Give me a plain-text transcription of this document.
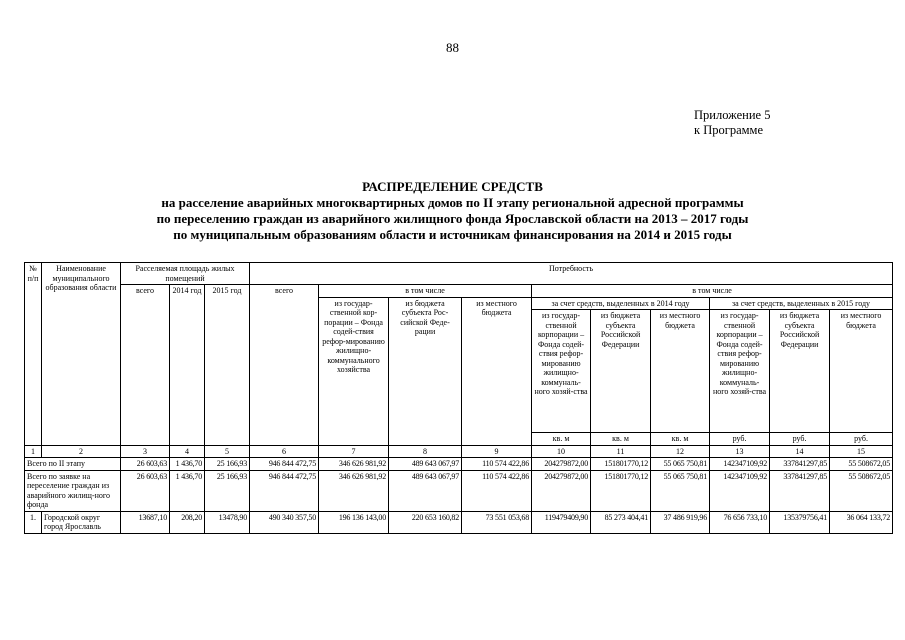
88
Приложение 5
к Программе
РАСПРЕДЕЛЕНИЕ СРЕДСТВ
на расселение аварийных многоквартирных домов по II этапу региональной адресной программы
по переселению граждан из аварийного жилищного фонда Ярославской области на 2013 – 2017 годы
по муниципальным образованиям области и источникам финансирования на 2014 и 2015 годы
№ п/п	Наименование муниципального образования области	Расселяемая площадь жилых помещений			Потребность										
		всего	2014 год	2015 год	всего	в том числе			в том числе						
						из государ-ственной кор-порации – Фонда содей-ствия рефор-мированию жилищно-коммунального хозяйства	из бюджета субъекта Рос-сийской Феде-рации	из местного бюджета	за счет средств, выделенных в 2014 году			за счет средств, выделенных в 2015 году			
									из государ-ственной корпорации – Фонда содей-ствия рефор-мированию жилищно-коммуналь-ного хозяй-ства	из бюджета субъекта Российской Федерации	из местного бюджета	из государ-ственной корпорации – Фонда содей-ствия рефор-мированию жилищно-коммуналь-ного хозяй-ства	из бюджета субъекта Российской Федерации	из местного бюджета	
									кв. м	кв. м	кв. м	руб.	руб.	руб.							
1	2	3	4	5	6	7	8	9	10	11	12	13	14	15	
Всего по II этапу		26 603,63	1 436,70	25 166,93	946 844 472,75	346 626 981,92	489 643 067,97	110 574 422,86	204279872,00	151801770,12	55 065 750,81	142347109,92	337841297,85	55 508672,05	
Всего по заявке на переселение граждан из аварийного жилищ-ного фонда		26 603,63	1 436,70	25 166,93	946 844 472,75	346 626 981,92	489 643 067,97	110 574 422,86	204279872,00	151801770,12	55 065 750,81	142347109,92	337841297,85	55 508672,05	
1.	Городской округ город Ярославль	13687,10	208,20	13478,90	490 340 357,50	196 136 143,00	220 653 160,82	73 551 053,68	119479409,90	85 273 404,41	37 486 919,96	76 656 733,10	135379756,41	36 064 133,72	
